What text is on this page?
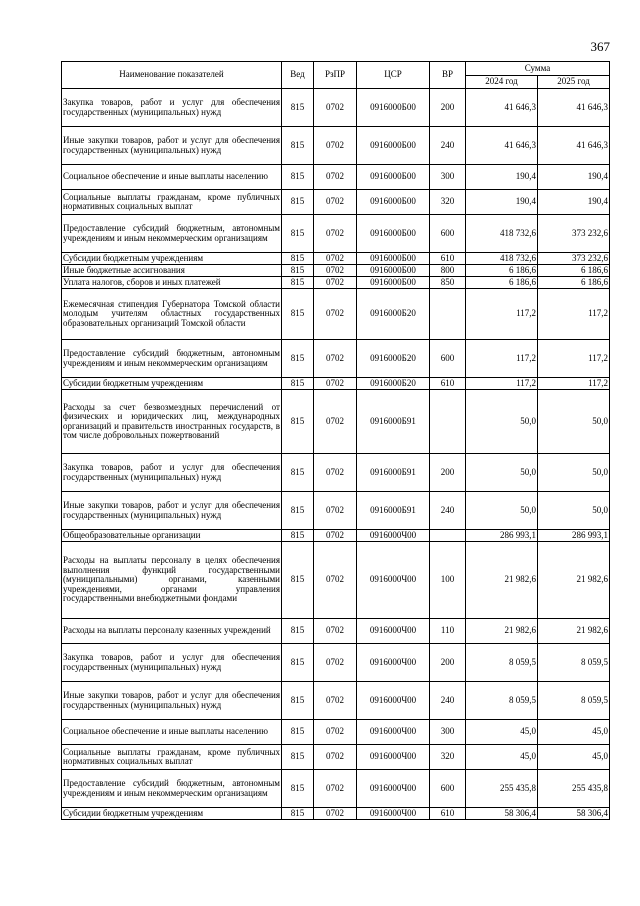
367
Наименование показателей	Вед	РзПР	ЦСР	ВР	Сумма	
					2024 год	2025 год
Закупка товаров, работ и услуг для обеспечения государственных (муниципальных) нужд	815	0702	0916000Б00	200	41 646,3	41 646,3
Иные закупки товаров, работ и услуг для обеспечения государственных (муниципальных) нужд	815	0702	0916000Б00	240	41 646,3	41 646,3
Социальное обеспечение и иные выплаты населению	815	0702	0916000Б00	300	190,4	190,4
Социальные выплаты гражданам, кроме публичных нормативных социальных выплат	815	0702	0916000Б00	320	190,4	190,4
Предоставление субсидий бюджетным, автономным учреждениям и иным некоммерческим организациям	815	0702	0916000Б00	600	418 732,6	373 232,6
Субсидии бюджетным учреждениям	815	0702	0916000Б00	610	418 732,6	373 232,6
Иные бюджетные ассигнования	815	0702	0916000Б00	800	6 186,6	6 186,6
Уплата налогов, сборов и иных платежей	815	0702	0916000Б00	850	6 186,6	6 186,6
Ежемесячная стипендия Губернатора Томской области молодым учителям областных государственных образовательных организаций Томской области	815	0702	0916000Б20		117,2	117,2
Предоставление субсидий бюджетным, автономным учреждениям и иным некоммерческим организациям	815	0702	0916000Б20	600	117,2	117,2
Субсидии бюджетным учреждениям	815	0702	0916000Б20	610	117,2	117,2
Расходы за счет безвозмездных перечислений от физических и юридических лиц, международных организаций и правительств иностранных государств, в том числе добровольных пожертвований	815	0702	0916000Б91		50,0	50,0
Закупка товаров, работ и услуг для обеспечения государственных (муниципальных) нужд	815	0702	0916000Б91	200	50,0	50,0
Иные закупки товаров, работ и услуг для обеспечения государственных (муниципальных) нужд	815	0702	0916000Б91	240	50,0	50,0
Общеобразовательные организации	815	0702	0916000Ч00		286 993,1	286 993,1
Расходы на выплаты персоналу в целях обеспечения выполнения функций государственными (муниципальными) органами, казенными учреждениями, органами управления государственными внебюджетными фондами	815	0702	0916000Ч00	100	21 982,6	21 982,6
Расходы на выплаты персоналу казенных учреждений	815	0702	0916000Ч00	110	21 982,6	21 982,6
Закупка товаров, работ и услуг для обеспечения государственных (муниципальных) нужд	815	0702	0916000Ч00	200	8 059,5	8 059,5
Иные закупки товаров, работ и услуг для обеспечения государственных (муниципальных) нужд	815	0702	0916000Ч00	240	8 059,5	8 059,5
Социальное обеспечение и иные выплаты населению	815	0702	0916000Ч00	300	45,0	45,0
Социальные выплаты гражданам, кроме публичных нормативных социальных выплат	815	0702	0916000Ч00	320	45,0	45,0
Предоставление субсидий бюджетным, автономным учреждениям и иным некоммерческим организациям	815	0702	0916000Ч00	600	255 435,8	255 435,8
Субсидии бюджетным учреждениям	815	0702	0916000Ч00	610	58 306,4	58 306,4
